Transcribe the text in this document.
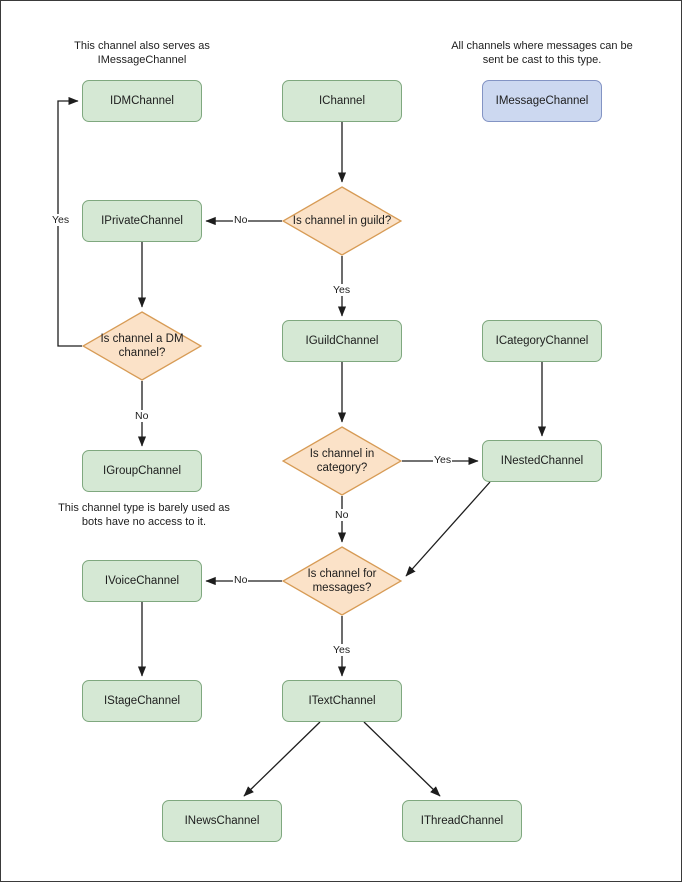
This channel also serves as IMessageChannel
All channels where messages can be sent be cast to this type.
This channel type is barely used as bots have no access to it.
IDMChannel	IChannel	IMessageChannel
IPrivateChannel
IGuildChannel	ICategoryChannel
IGroupChannel
INestedChannel
IVoiceChannel
IStageChannel	ITextChannel
INewsChannel	IThreadChannel
Is channel in guild?
Is channel a DM channel?
Is channel in category?
Is channel for messages?
Yes	No
Yes
No
Yes
No
No
Yes
